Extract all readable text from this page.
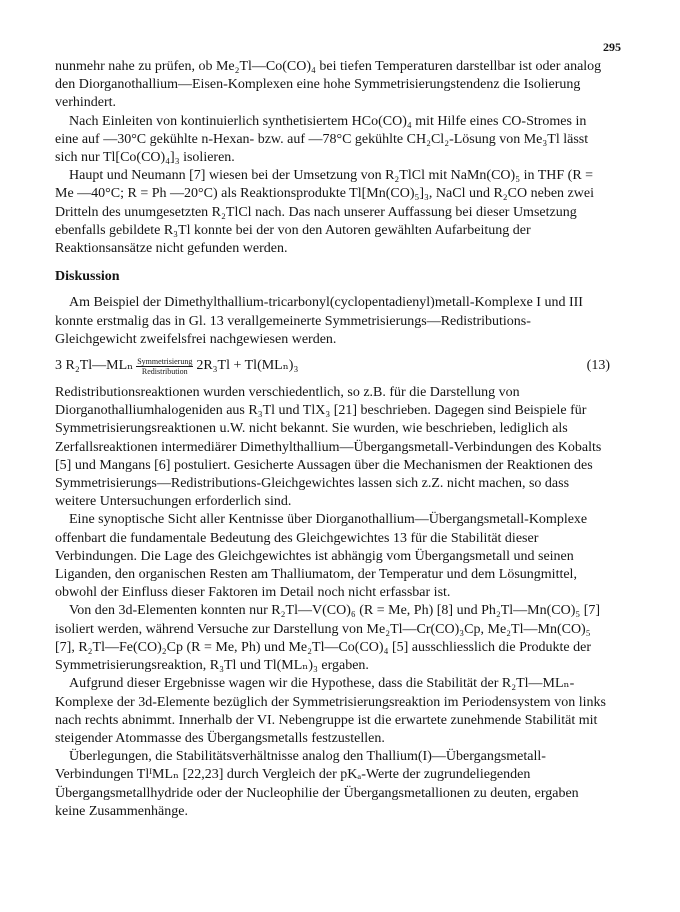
295

nunmehr nahe zu prüfen, ob Me₂Tl—Co(CO)₄ bei tiefen Temperaturen darstellbar ist oder analog den Diorganothallium—Eisen-Komplexen eine hohe Symmetrisierungstendenz die Isolierung verhindert.

Nach Einleiten von kontinuierlich synthetisiertem HCo(CO)₄ mit Hilfe eines CO-Stromes in eine auf —30°C gekühlte n-Hexan- bzw. auf —78°C gekühlte CH₂Cl₂-Lösung von Me₃Tl lässt sich nur Tl[Co(CO)₄]₃ isolieren.

Haupt und Neumann [7] wiesen bei der Umsetzung von R₂TlCl mit NaMn(CO)₅ in THF (R = Me —40°C; R = Ph —20°C) als Reaktionsprodukte Tl[Mn(CO)₅]₃, NaCl und R₂CO neben zwei Dritteln des unumgesetzten R₂TlCl nach. Das nach unserer Auffassung bei dieser Umsetzung ebenfalls gebildete R₃Tl konnte bei der von den Autoren gewählten Aufarbeitung der Reaktionsansätze nicht gefunden werden.

Diskussion

Am Beispiel der Dimethylthallium-tricarbonyl(cyclopentadienyl)metall-Komplexe I und III konnte erstmalig das in Gl. 13 verallgemeinerte Symmetrisierungs—Redistributions-Gleichgewicht zweifelsfrei nachgewiesen werden.

3 R₂Tl—MLₙ $\frac{\text{Symmetrisierung}}{\text{Redistribution}} 2R_3Tl + Tl(ML_n)_3$	(13)

Redistributionsreaktionen wurden verschiedentlich, so z.B. für die Darstellung von Diorganothalliumhalogeniden aus R₃Tl und TlX₃ [21] beschrieben. Dagegen sind Beispiele für Symmetrisierungsreaktionen u.W. nicht bekannt. Sie wurden, wie beschrieben, lediglich als Zerfallsreaktionen intermediärer Dimethylthallium—Übergangsmetall-Verbindungen des Kobalts [5] und Mangans [6] postuliert. Gesicherte Aussagen über die Mechanismen der Reaktionen des Symmetrisierungs—Redistributions-Gleichgewichtes lassen sich z.Z. nicht machen, so dass weitere Untersuchungen erforderlich sind.

Eine synoptische Sicht aller Kentnisse über Diorganothallium—Übergangsmetall-Komplexe offenbart die fundamentale Bedeutung des Gleichgewichtes 13 für die Stabilität dieser Verbindungen. Die Lage des Gleichgewichtes ist abhängig vom Übergangsmetall und seinen Liganden, den organischen Resten am Thalliumatom, der Temperatur und dem Lösungmittel, obwohl der Einfluss dieser Faktoren im Detail noch nicht erfassbar ist.

Von den 3d-Elementen konnten nur R₂Tl—V(CO)₆ (R = Me, Ph) [8] und Ph₂Tl—Mn(CO)₅ [7] isoliert werden, während Versuche zur Darstellung von Me₂Tl—Cr(CO)₃Cp, Me₂Tl—Mn(CO)₅ [7], R₂Tl—Fe(CO)₂Cp (R = Me, Ph) und Me₂Tl—Co(CO)₄ [5] ausschliesslich die Produkte der Symmetrisierungsreaktion, R₃Tl und Tl(MLₙ)₃ ergaben.

Aufgrund dieser Ergebnisse wagen wir die Hypothese, dass die Stabilität der R₂Tl—MLₙ-Komplexe der 3d-Elemente bezüglich der Symmetrisierungsreaktion im Periodensystem von links nach rechts abnimmt. Innerhalb der VI. Nebengruppe ist die erwartete zunehmende Stabilität mit steigender Atommasse des Übergangsmetalls festzustellen.

Überlegungen, die Stabilitätsverhältnisse analog den Thallium(I)—Übergangsmetall-Verbindungen TlᴵMLₙ [22,23] durch Vergleich der pKₐ-Werte der zugrundeliegenden Übergangsmetallhydride oder der Nucleophilie der Übergangsmetallionen zu deuten, ergaben keine Zusammenhänge.
